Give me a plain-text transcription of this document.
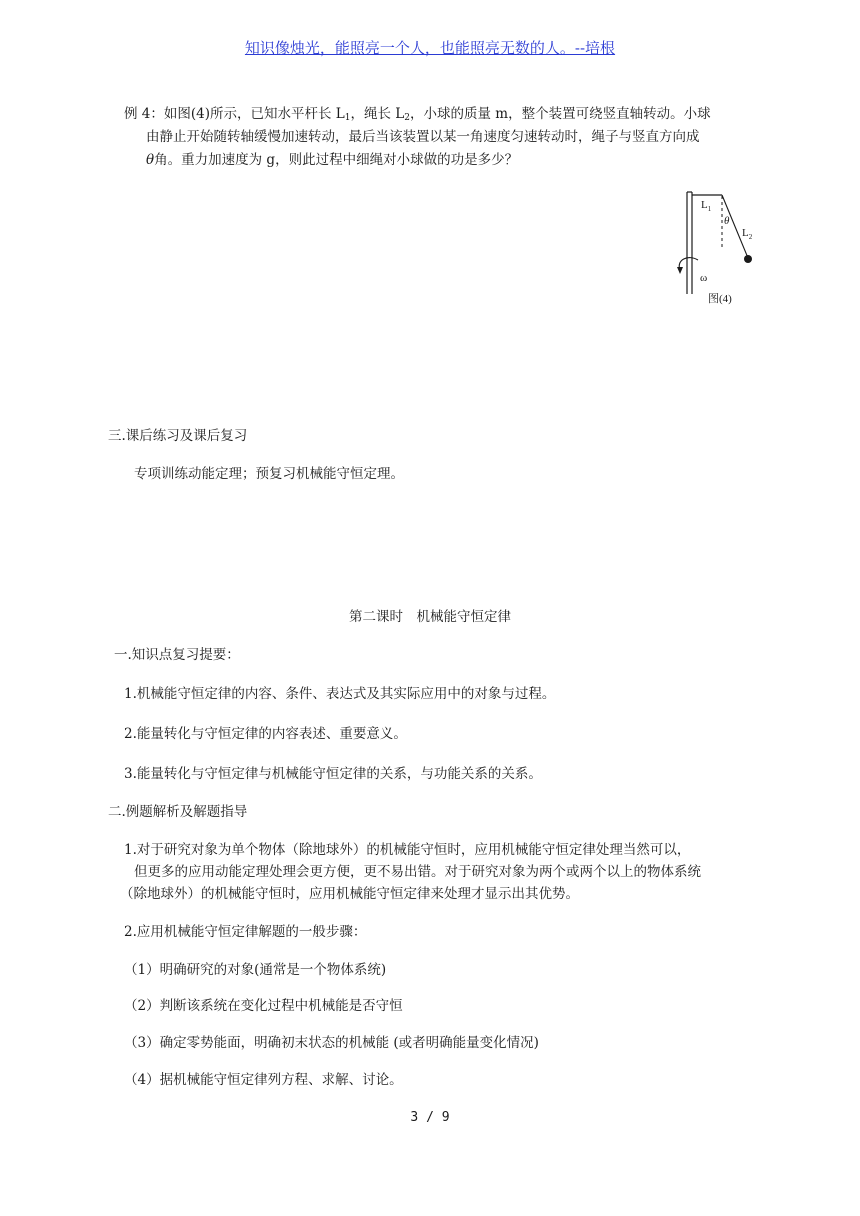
知识像烛光，能照亮一个人，也能照亮无数的人。--培根
例 4：如图(4)所示，已知水平杆长 $L_1$，绳长 $L_2$，小球的质量 m，整个装置可绕竖直轴转动。小球
由静止开始随转轴缓慢加速转动，最后当该装置以某一角速度匀速转动时，绳子与竖直方向成
θ角。重力加速度为 g，则此过程中细绳对小球做的功是多少？
$L_1$
$L_2$
θ
ω
图(4)
三.课后练习及课后复习
专项训练动能定理；预复习机械能守恒定理。
第二课时　机械能守恒定律
一.知识点复习提要：
1.机械能守恒定律的内容、条件、表达式及其实际应用中的对象与过程。
2.能量转化与守恒定律的内容表述、重要意义。
3.能量转化与守恒定律与机械能守恒定律的关系，与功能关系的关系。
二.例题解析及解题指导
1.对于研究对象为单个物体（除地球外）的机械能守恒时，应用机械能守恒定律处理当然可以，
但更多的应用动能定理处理会更方便，更不易出错。对于研究对象为两个或两个以上的物体系统
（除地球外）的机械能守恒时，应用机械能守恒定律来处理才显示出其优势。
2.应用机械能守恒定律解题的一般步骤：
（1）明确研究的对象(通常是一个物体系统)
（2）判断该系统在变化过程中机械能是否守恒
（3）确定零势能面，明确初末状态的机械能 (或者明确能量变化情况)
（4）据机械能守恒定律列方程、求解、讨论。
3 / 9
